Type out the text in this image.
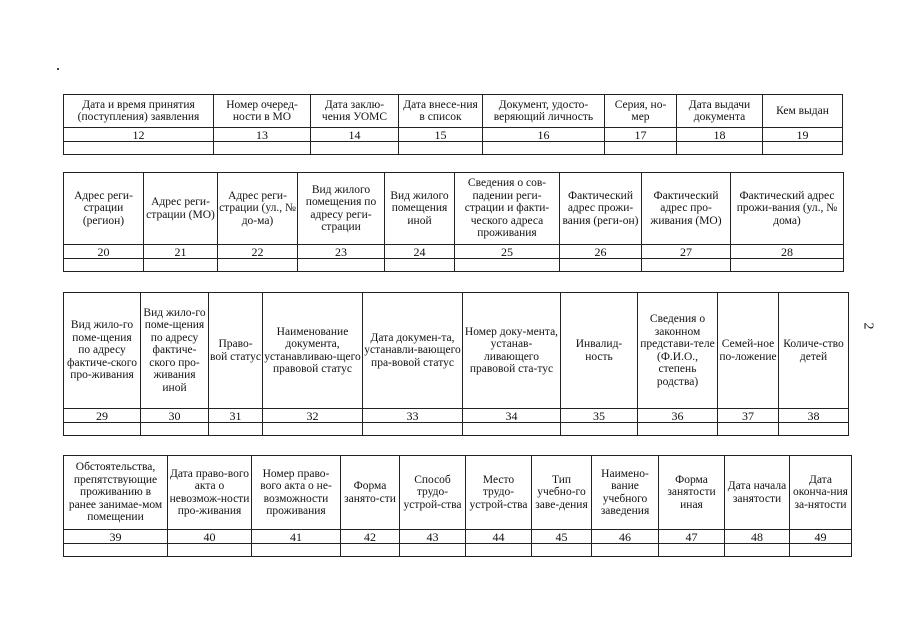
Дата и время принятия (поступления) заявления	Номер очеред-ности в МО	Дата заклю-чения УОМС	Дата внесе-ния в список	Документ, удосто-веряющий личность	Серия, но-мер	Дата выдачи документа	Кем выдан
12	13	14	15	16	17	18	19

Адрес реги-страции (регион)	Адрес реги-страции (МО)	Адрес реги-страции (ул., № до-ма)	Вид жилого помещения по адресу реги-страции	Вид жилого помещения иной	Сведения о сов-падении реги-страции и факти-ческого адреса проживания	Фактический адрес прожи-вания (реги-он)	Фактический адрес про-живания (МО)	Фактический адрес прожи-вания (ул., № дома)
20	21	22	23	24	25	26	27	28

Вид жило-го поме-щения по адресу фактиче-ского про-живания	Вид жило-го поме-щения по адресу фактиче-ского про-живания иной	Право-вой статус	Наименование документа, устанавливаю-щего правовой статус	Дата докумен-та, устанавли-вающего пра-вовой статус	Номер доку-мента, устанав-ливающего правовой ста-тус	Инвалид-ность	Сведения о законном представи-теле (Ф.И.О., степень родства)	Семей-ное по-ложение	Количе-ство детей
29	30	31	32	33	34	35	36	37	38

Обстоятельства, препятствующие проживанию в ранее занимае-мом помещении	Дата право-вого акта о невозмож-ности про-живания	Номер право-вого акта о не-возможности проживания	Форма занято-сти	Способ трудо-устрой-ства	Место трудо-устрой-ства	Тип учебно-го заве-дения	Наимено-вание учебного заведения	Форма занятости иная	Дата начала занятости	Дата оконча-ния за-нятости
39	40	41	42	43	44	45	46	47	48	49

2
